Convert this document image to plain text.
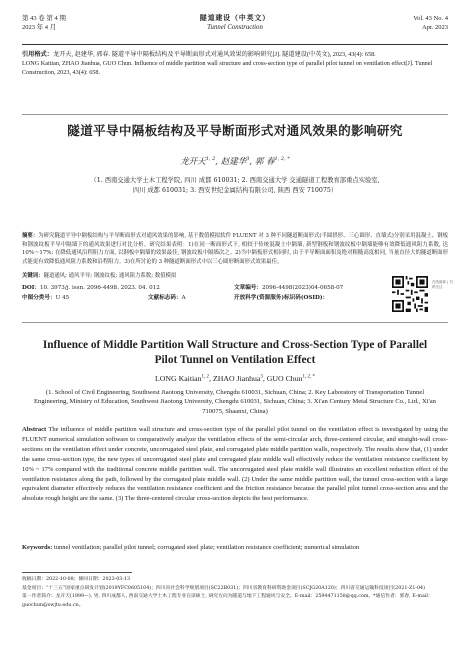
第 43 卷 第 4 期
2023 年 4 月
隧道建设（中英文）
Tunnel Construction
Vol. 43 No. 4
Apr. 2023
引用格式：龙开天, 赵建华, 郭春. 隧道平导中隔板结构及平导断面形式对通风效果的影响研究[J]. 隧道建设(中英文), 2023, 43(4): 658.
LONG Kaitian, ZHAO Jianhua, GUO Chun. Influence of middle partition wall structure and cross-section type of parallel pilot tunnel on ventilation effect[J]. Tunnel Construction, 2023, 43(4): 658.
隧道平导中隔板结构及平导断面形式对通风效果的影响研究
龙开天$^{1, 2}$, 赵建华$^3$, 郭 春$^{1, 2, *}$
（1. 西南交通大学土木工程学院, 四川 成都 610031; 2. 西南交通大学 交通隧道工程教育部重点实验室,
四川 成都 610031; 3. 西安世纪金属结构有限公司, 陕西 西安 710075）
摘要：为研究隧道平导中隔板结构与平导断面形式对通风效果的影响, 基于数值模拟软件 FLUENT 对 3 种不同隧道断面形式(半圆拱形、三心圆形、直墙式)分别采用混凝土、钢板和钢波纹板平导中隔墙下的通风效果进行对比分析。研究结果表明：1)在同一断面形式下, 相较于传统混凝土中隔墙, 新型钢板和钢波纹板中隔墙能够有效降低通风阻力系数, 达 10%～17%; 在降低通风沿程阻力方面, 以钢板中隔墙的效果最佳, 钢波纹板中隔墙次之。2)当中隔板形式相同时, 由于平导断面面积及绝对粗糙高度相同, 当量直径大的隧道断面形式能更有效降低通风阻力系数和沿程阻力。3)在所讨论的 3 种隧道断面形式中以三心圆形断面形式效果最佳。
关键词：隧道通风; 通风平导; 钢波纹板; 通风阻力系数; 数值模拟
DOI：10. 3973/j. issn. 2096-4498. 2023. 04. 012	文章编号：2096-4498(2023)04-0658-07
中图分类号：U 45	文献标志码：A	开放科学(资源服务)标识码(OSID)：
在线阅读 | 扫码关注
Influence of Middle Partition Wall Structure and Cross-Section Type of Parallel Pilot Tunnel on Ventilation Effect
LONG Kaitian$^{1, 2}$, ZHAO Jianhua$^3$, GUO Chun$^{1, 2, *}$
(1. School of Civil Engineering, Southwest Jiaotong University, Chengdu 610031, Sichuan, China; 2. Key Laboratory of Transportation Tunnel Engineering, Ministry of Education, Southwest Jiaotong University, Chengdu 610031, Sichuan, China; 3. Xi'an Century Metal Structure Co., Ltd., Xi'an 710075, Shaanxi, China)
Abstract The influence of middle partition wall structure and cross-section type of the parallel pilot tunnel on the ventilation effect is investigated by using the FLUENT numerical simulation software to comparatively analyze the ventilation effects of the semi-circular arch, three-centered circular, and straight-wall cross-sections on the ventilation effect under concrete, uncorrugated steel plate, and corrugated plate middle partition walls, respectively. The results show that, (1) under the same cross-section type, the new types of uncorrugated steel plate and corrugated plate middle wall effectively reduce the ventilation resistance coefficient by 10% ~ 17% compared with the traditional concrete middle partition wall. The uncorrugated steel plate middle wall illustrates an excellent reduction effect of the ventilation resistance along the path, followed by the corrugated plate middle wall. (2) Under the same middle partition wall, the tunnel cross-section with a large equivalent diameter effectively reduces the ventilation resistance coefficient and the friction resistance because the parallel pilot tunnel cross-section area and the absolute rough height are the same. (3) The three-centered circular cross-section depicts the best performance.
Keywords: tunnel ventilation; parallel pilot tunnel; corrugated steel plate; ventilation resistance coefficient; numerical simulation
收稿日期：2022-10-08；修回日期：2023-03-13
基金项目：“十三五”国家重点研发计划(2019YFC0605104)；四川省社会科学规划项目(SC22B031)；四川省教育科研资助金项目(SCJG20A120)；四川省交通运输科技项目(2021-Z1-04)
第一作者简介：龙开天(1999—), 男, 四川成都人, 西南交通大学土木工程专业在读硕士, 研究方向为隧道与地下工程通风与安全。E-mail：2594471158@qq.com。*通信作者：郭春, E-mail：guochun@swjtu.edu.cn。
